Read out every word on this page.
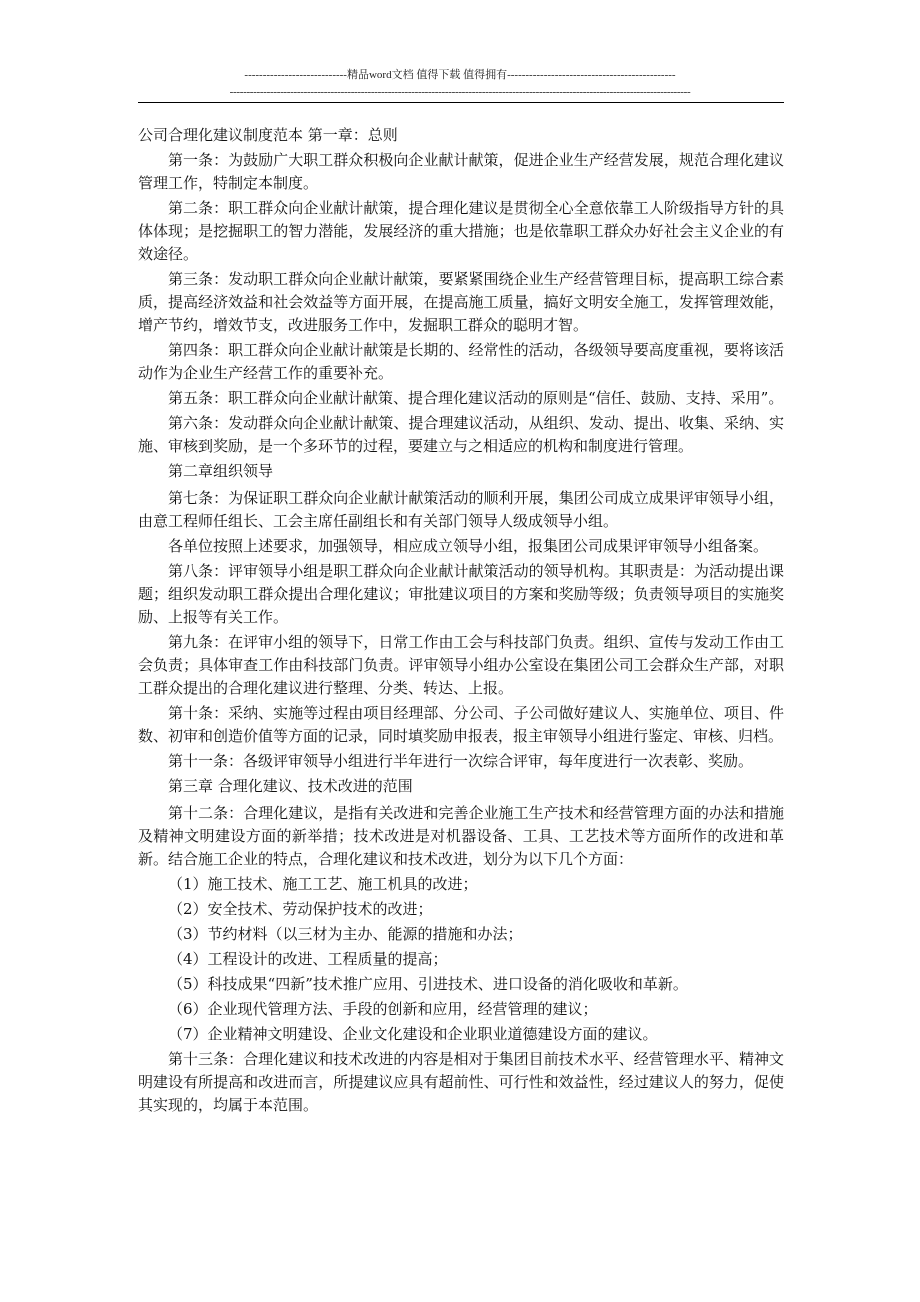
----------------------------精品word文档 值得下载 值得拥有----------------------------------------------
-----------------------------------------------------------------------------------------------------------------------------------------

公司合理化建议制度范本 第一章：总则

第一条：为鼓励广大职工群众积极向企业献计献策，促进企业生产经营发展，规范合理化建议管理工作，特制定本制度。

第二条：职工群众向企业献计献策，提合理化建议是贯彻全心全意依靠工人阶级指导方针的具体体现；是挖掘职工的智力潜能，发展经济的重大措施；也是依靠职工群众办好社会主义企业的有效途径。

第三条：发动职工群众向企业献计献策，要紧紧围绕企业生产经营管理目标，提高职工综合素质，提高经济效益和社会效益等方面开展，在提高施工质量，搞好文明安全施工，发挥管理效能，增产节约，增效节支，改进服务工作中，发掘职工群众的聪明才智。

第四条：职工群众向企业献计献策是长期的、经常性的活动，各级领导要高度重视，要将该活动作为企业生产经营工作的重要补充。

第五条：职工群众向企业献计献策、提合理化建议活动的原则是“信任、鼓励、支持、采用”。

第六条：发动群众向企业献计献策、提合理建议活动，从组织、发动、提出、收集、采纳、实施、审核到奖励，是一个多环节的过程，要建立与之相适应的机构和制度进行管理。

第二章组织领导

第七条：为保证职工群众向企业献计献策活动的顺利开展，集团公司成立成果评审领导小组，由意工程师任组长、工会主席任副组长和有关部门领导人级成领导小组。

各单位按照上述要求，加强领导，相应成立领导小组，报集团公司成果评审领导小组备案。

第八条：评审领导小组是职工群众向企业献计献策活动的领导机构。其职责是：为活动提出课题；组织发动职工群众提出合理化建议；审批建议项目的方案和奖励等级；负责领导项目的实施奖励、上报等有关工作。

第九条：在评审小组的领导下，日常工作由工会与科技部门负责。组织、宣传与发动工作由工会负责；具体审查工作由科技部门负责。评审领导小组办公室设在集团公司工会群众生产部，对职工群众提出的合理化建议进行整理、分类、转达、上报。

第十条：采纳、实施等过程由项目经理部、分公司、子公司做好建议人、实施单位、项目、件数、初审和创造价值等方面的记录，同时填奖励申报表，报主审领导小组进行鉴定、审核、归档。

第十一条：各级评审领导小组进行半年进行一次综合评审，每年度进行一次表彰、奖励。

第三章 合理化建议、技术改进的范围

第十二条：合理化建议，是指有关改进和完善企业施工生产技术和经营管理方面的办法和措施及精神文明建设方面的新举措；技术改进是对机器设备、工具、工艺技术等方面所作的改进和革新。结合施工企业的特点，合理化建议和技术改进，划分为以下几个方面：

（1）施工技术、施工工艺、施工机具的改进；

（2）安全技术、劳动保护技术的改进；

（3）节约材料（以三材为主办、能源的措施和办法；

（4）工程设计的改进、工程质量的提高；

（5）科技成果“四新”技术推广应用、引进技术、进口设备的消化吸收和革新。

（6）企业现代管理方法、手段的创新和应用，经营管理的建议；

（7）企业精神文明建设、企业文化建设和企业职业道德建设方面的建议。

第十三条：合理化建议和技术改进的内容是相对于集团目前技术水平、经营管理水平、精神文明建设有所提高和改进而言，所提建议应具有超前性、可行性和效益性，经过建议人的努力，促使其实现的，均属于本范围。
